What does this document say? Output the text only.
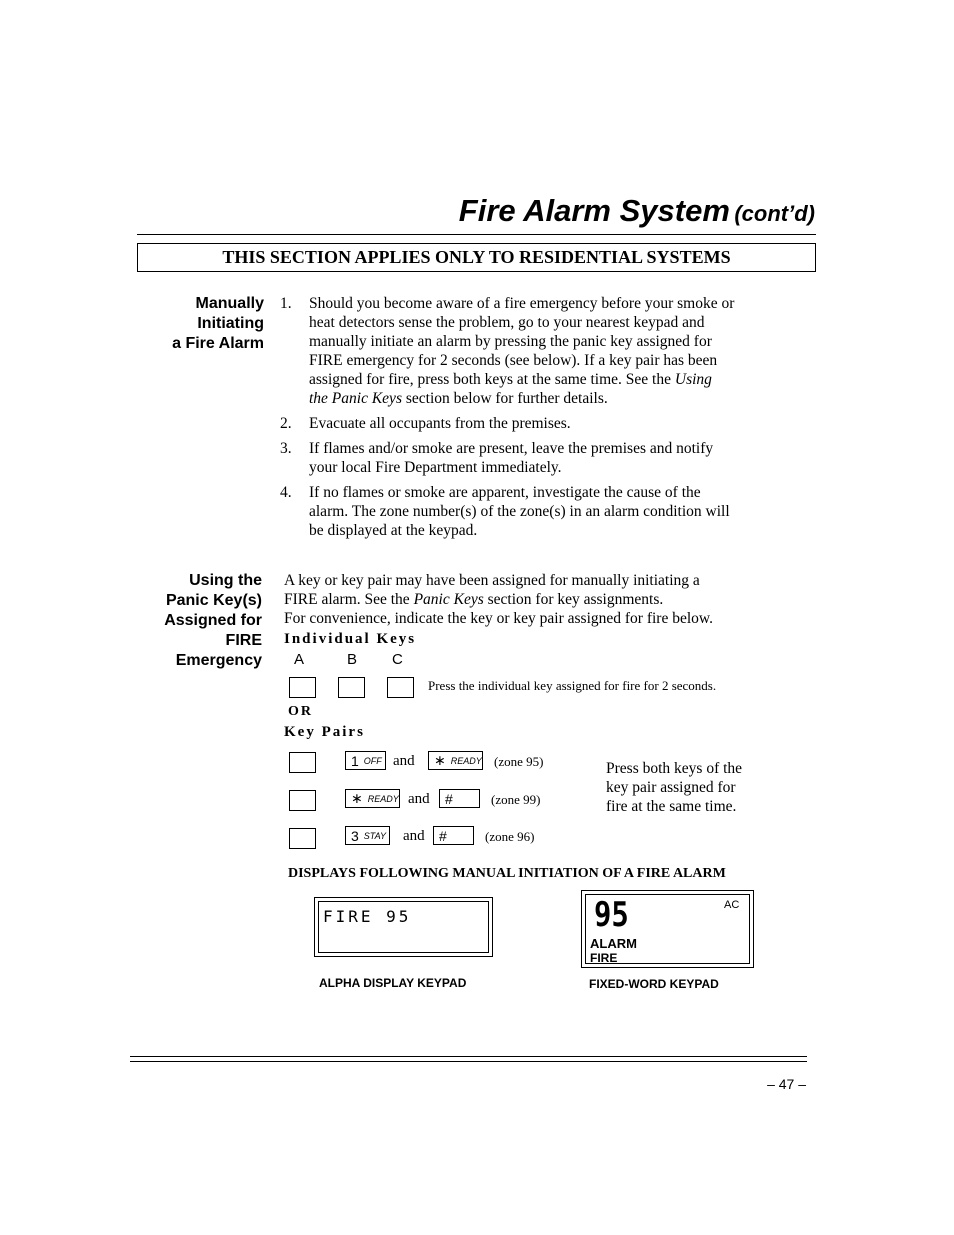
Fire Alarm System (cont’d)
THIS SECTION APPLIES ONLY TO RESIDENTIAL SYSTEMS
Manually
Initiating
a Fire Alarm
1. Should you become aware of a fire emergency before your smoke or
heat detectors sense the problem, go to your nearest keypad and
manually initiate an alarm by pressing the panic key assigned for
FIRE emergency for 2 seconds (see below). If a key pair has been
assigned for fire, press both keys at the same time. See the Using
the Panic Keys section below for further details.
2. Evacuate all occupants from the premises.
3. If flames and/or smoke are present, leave the premises and notify
your local Fire Department immediately.
4. If no flames or smoke are apparent, investigate the cause of the
alarm. The zone number(s) of the zone(s) in an alarm condition will
be displayed at the keypad.
Using the
Panic Key(s)
Assigned for
FIRE
Emergency
A key or key pair may have been assigned for manually initiating a
FIRE alarm. See the Panic Keys section for key assignments.
For convenience, indicate the key or key pair assigned for fire below.
Individual Keys
A	B C
Press the individual key assigned for fire for 2 seconds.
OR
Key Pairs
1 OFF and ∗ READY (zone 95)
∗ READY and #	(zone 99)
3 STAY and #	(zone 96)
Press both keys of the
key pair assigned for
fire at the same time.
DISPLAYS FOLLOWING MANUAL INITIATION OF A FIRE ALARM
FIRE 95
ALPHA DISPLAY KEYPAD
95	AC
ALARM
FIRE
FIXED-WORD KEYPAD
– 47 –
